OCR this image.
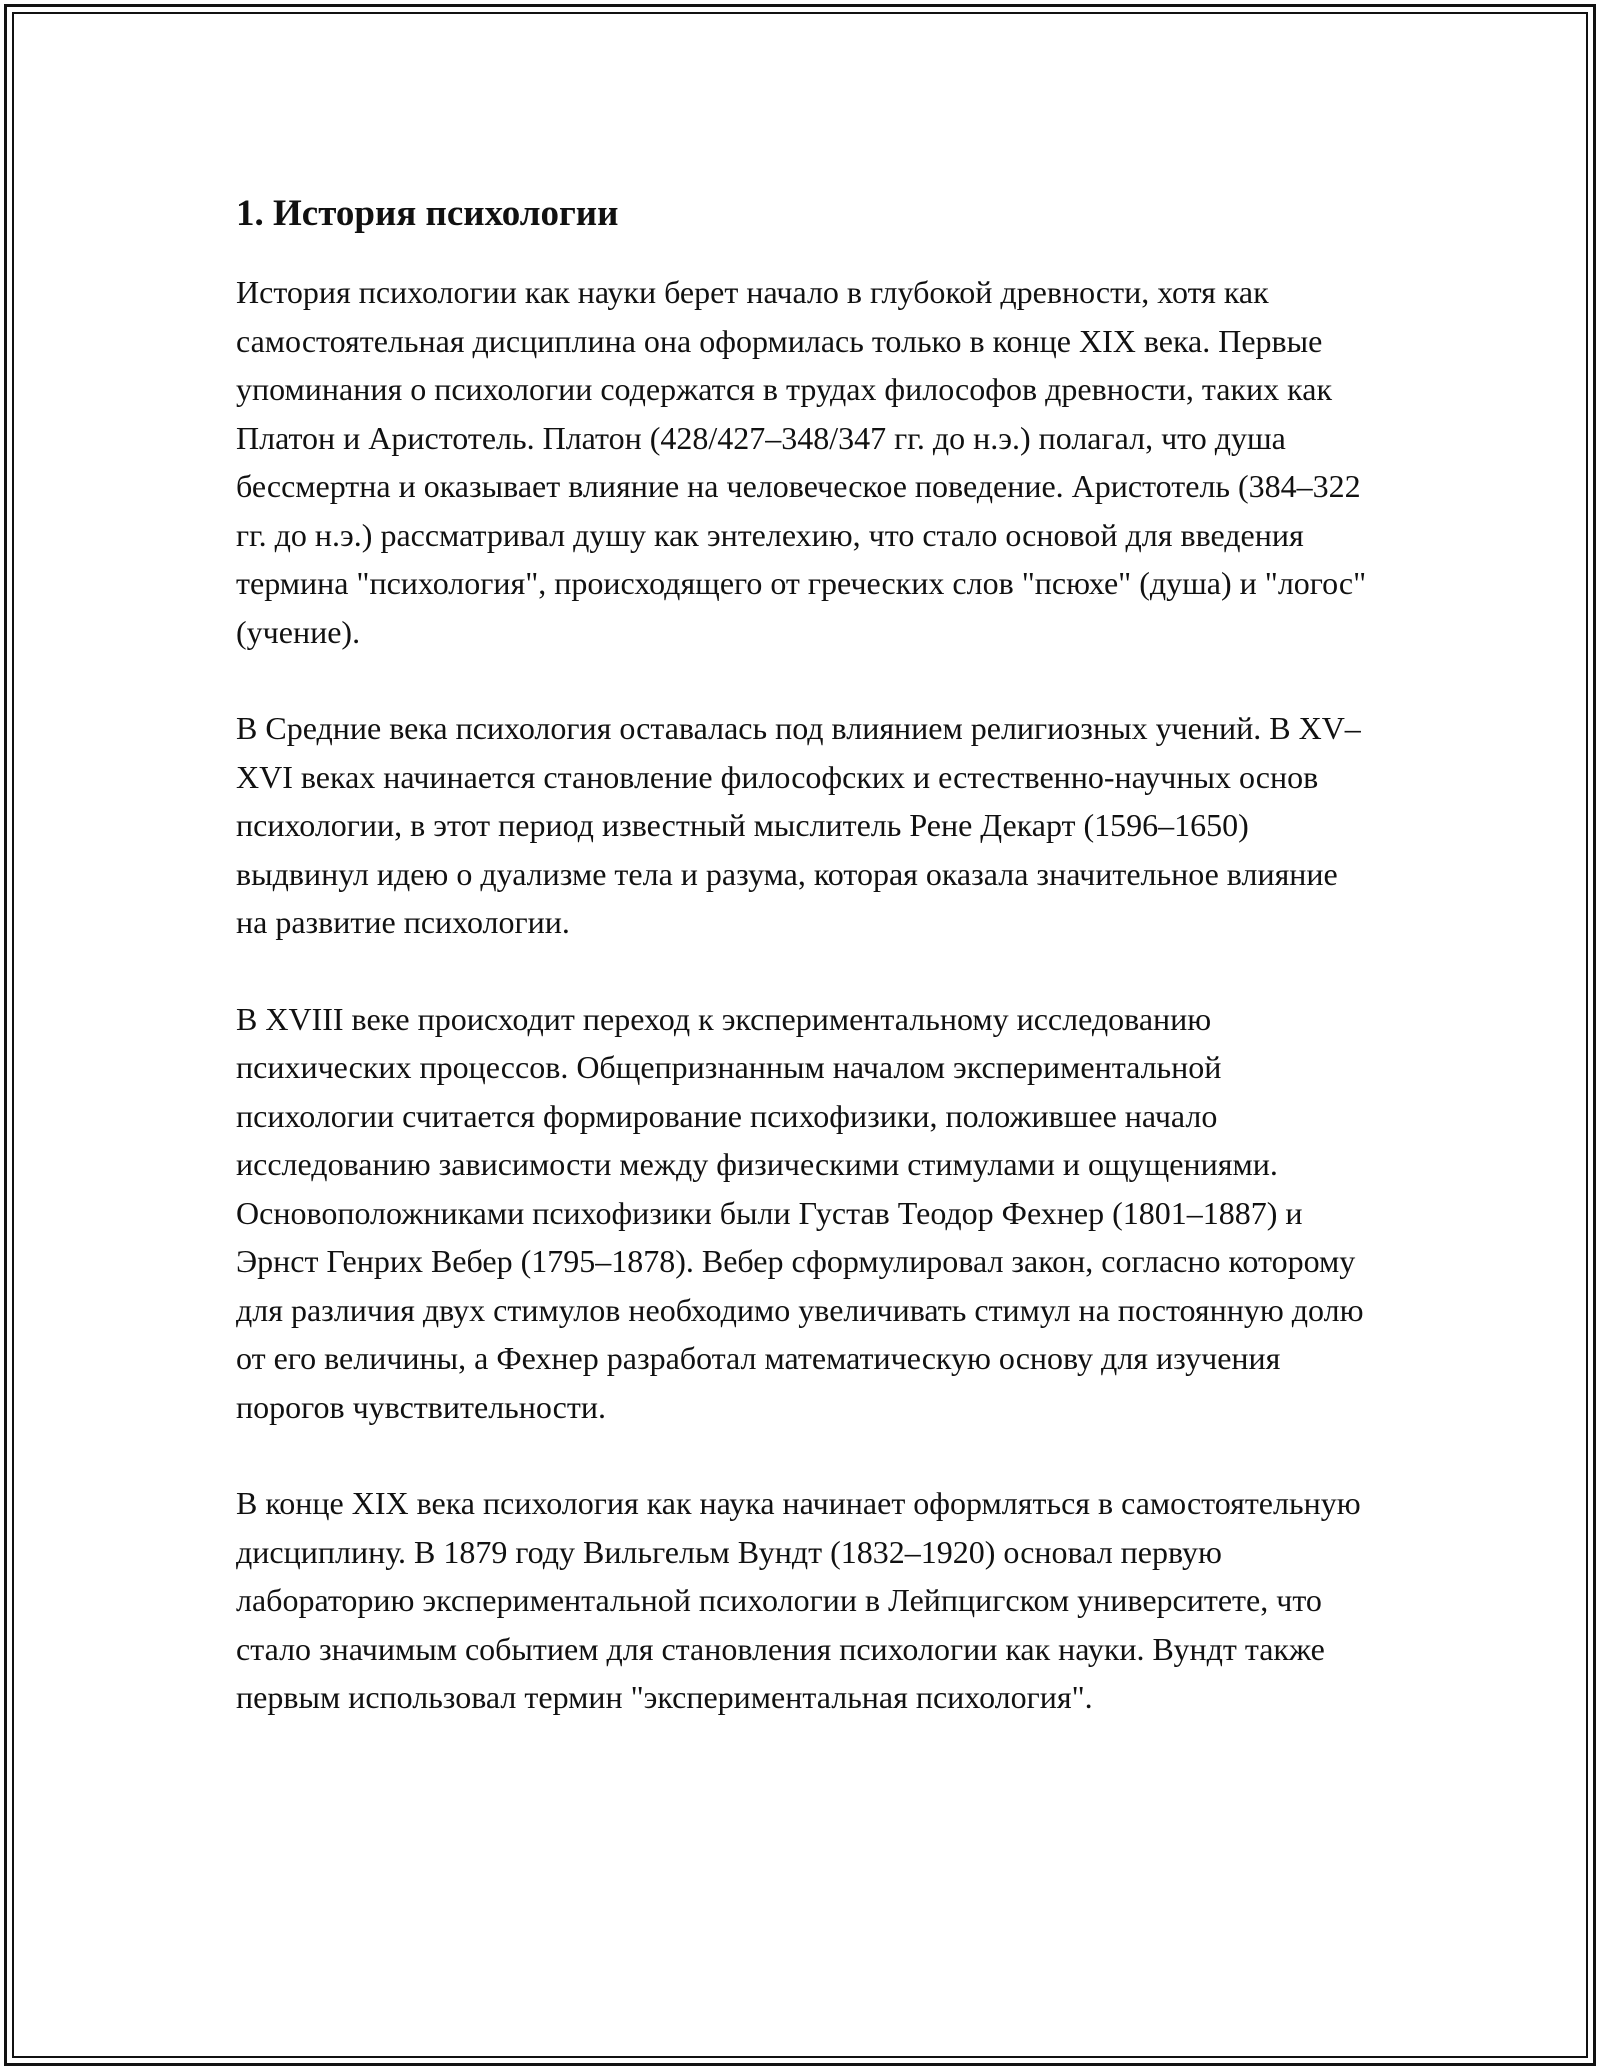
1. История психологии

История психологии как науки берет начало в глубокой древности, хотя как самостоятельная дисциплина она оформилась только в конце XIX века. Первые упоминания о психологии содержатся в трудах философов древности, таких как Платон и Аристотель. Платон (428/427–348/347 гг. до н.э.) полагал, что душа бессмертна и оказывает влияние на человеческое поведение. Аристотель (384–322 гг. до н.э.) рассматривал душу как энтелехию, что стало основой для введения термина "психология", происходящего от греческих слов "псюхе" (душа) и "логос" (учение).

В Средние века психология оставалась под влиянием религиозных учений. В XV–XVI веках начинается становление философских и естественно-научных основ психологии, в этот период известный мыслитель Рене Декарт (1596–1650) выдвинул идею о дуализме тела и разума, которая оказала значительное влияние на развитие психологии.

В XVIII веке происходит переход к экспериментальному исследованию психических процессов. Общепризнанным началом экспериментальной психологии считается формирование психофизики, положившее начало исследованию зависимости между физическими стимулами и ощущениями. Основоположниками психофизики были Густав Теодор Фехнер (1801–1887) и Эрнст Генрих Вебер (1795–1878). Вебер сформулировал закон, согласно которому для различия двух стимулов необходимо увеличивать стимул на постоянную долю от его величины, а Фехнер разработал математическую основу для изучения порогов чувствительности.

В конце XIX века психология как наука начинает оформляться в самостоятельную дисциплину. В 1879 году Вильгельм Вундт (1832–1920) основал первую лабораторию экспериментальной психологии в Лейпцигском университете, что стало значимым событием для становления психологии как науки. Вундт также первым использовал термин "экспериментальная психология".
